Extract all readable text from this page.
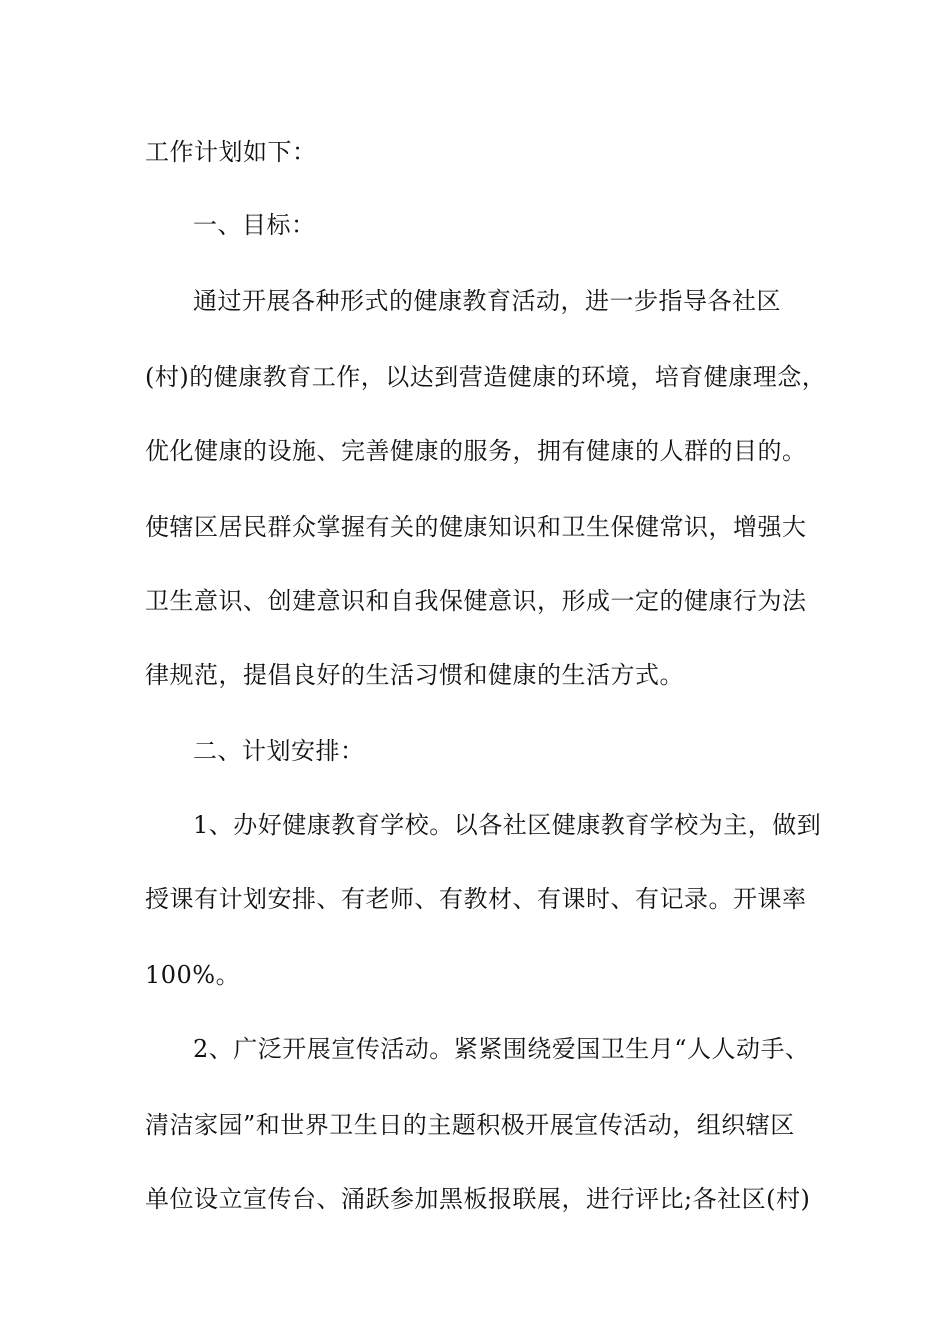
工作计划如下：
一、目标：
通过开展各种形式的健康教育活动，进一步指导各社区
(村)的健康教育工作，以达到营造健康的环境，培育健康理念，
优化健康的设施、完善健康的服务，拥有健康的人群的目的。
使辖区居民群众掌握有关的健康知识和卫生保健常识，增强大
卫生意识、创建意识和自我保健意识，形成一定的健康行为法
律规范，提倡良好的生活习惯和健康的生活方式。
二、计划安排：
1、办好健康教育学校。以各社区健康教育学校为主，做到
授课有计划安排、有老师、有教材、有课时、有记录。开课率
100%。
2、广泛开展宣传活动。紧紧围绕爱国卫生月“人人动手、
清洁家园”和世界卫生日的主题积极开展宣传活动，组织辖区
单位设立宣传台、涌跃参加黑板报联展，进行评比;各社区(村)
